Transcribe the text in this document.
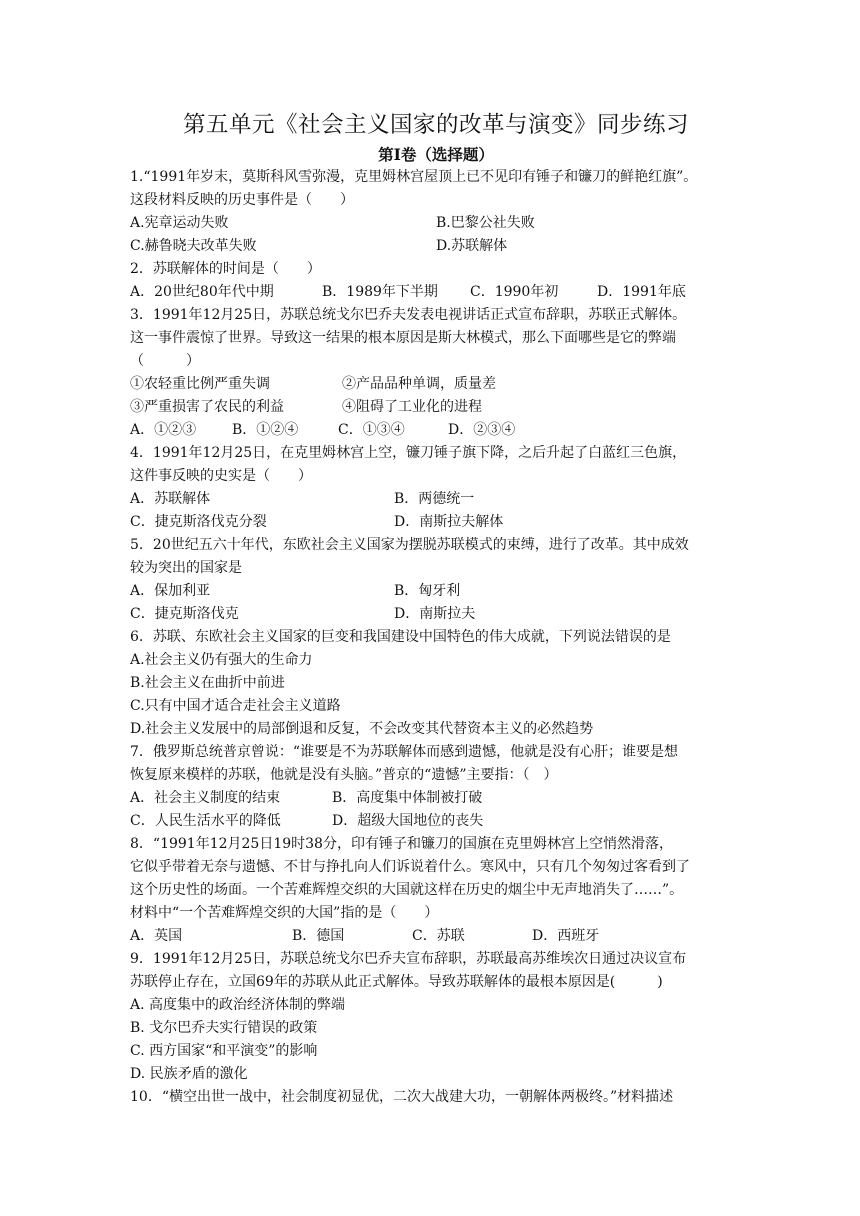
第五单元《社会主义国家的改革与演变》同步练习

第Ⅰ卷（选择题）

1.“1991年岁末，莫斯科风雪弥漫，克里姆林宫屋顶上已不见印有锤子和镰刀的鲜艳红旗”。

这段材料反映的历史事件是（　　）

A.宪章运动失败	B.巴黎公社失败
C.赫鲁晓夫改革失败	D.苏联解体

2．苏联解体的时间是（　　）

A．20世纪80年代中期	B．1989年下半期	C．1990年初	D．1991年底

3．1991年12月25日，苏联总统戈尔巴乔夫发表电视讲话正式宣布辞职，苏联正式解体。

这一事件震惊了世界。导致这一结果的根本原因是斯大林模式，那么下面哪些是它的弊端

（　　　）

①农轻重比例严重失调	②产品品种单调，质量差
③严重损害了农民的利益	④阻碍了工业化的进程
A．①②③	B．①②④	C．①③④	D．②③④

4．1991年12月25日，在克里姆林宫上空，镰刀锤子旗下降，之后升起了白蓝红三色旗，

这件事反映的史实是（　　）

A．苏联解体	B．两德统一
C．捷克斯洛伐克分裂	D．南斯拉夫解体

5．20世纪五六十年代，东欧社会主义国家为摆脱苏联模式的束缚，进行了改革。其中成效

较为突出的国家是

A．保加利亚	B．匈牙利
C．捷克斯洛伐克	D．南斯拉夫

6．苏联、东欧社会主义国家的巨变和我国建设中国特色的伟大成就，下列说法错误的是

A.社会主义仍有强大的生命力

B.社会主义在曲折中前进

C.只有中国才适合走社会主义道路

D.社会主义发展中的局部倒退和反复，不会改变其代替资本主义的必然趋势

7．俄罗斯总统普京曾说：“谁要是不为苏联解体而感到遗憾，他就是没有心肝；谁要是想

恢复原来模样的苏联，他就是没有头脑。”普京的“遗憾”主要指：（　）

A．社会主义制度的结束	B．高度集中体制被打破
C．人民生活水平的降低	D．超级大国地位的丧失

8．“1991年12月25日19时38分，印有锤子和镰刀的国旗在克里姆林宫上空悄然滑落，

它似乎带着无奈与遗憾、不甘与挣扎向人们诉说着什么。寒风中，只有几个匆匆过客看到了

这个历史性的场面。一个苦难辉煌交织的大国就这样在历史的烟尘中无声地消失了……”。

材料中“一个苦难辉煌交织的大国”指的是（　　）

A．英国	B．德国	C．苏联	D．西班牙

9．1991年12月25日，苏联总统戈尔巴乔夫宣布辞职，苏联最高苏维埃次日通过决议宣布

苏联停止存在，立国69年的苏联从此正式解体。导致苏联解体的最根本原因是(　　　)

A. 高度集中的政治经济体制的弊端

B. 戈尔巴乔夫实行错误的政策

C. 西方国家“和平演变”的影响

D. 民族矛盾的激化

10．“横空出世一战中，社会制度初显优，二次大战建大功，一朝解体两极终。”材料描述
